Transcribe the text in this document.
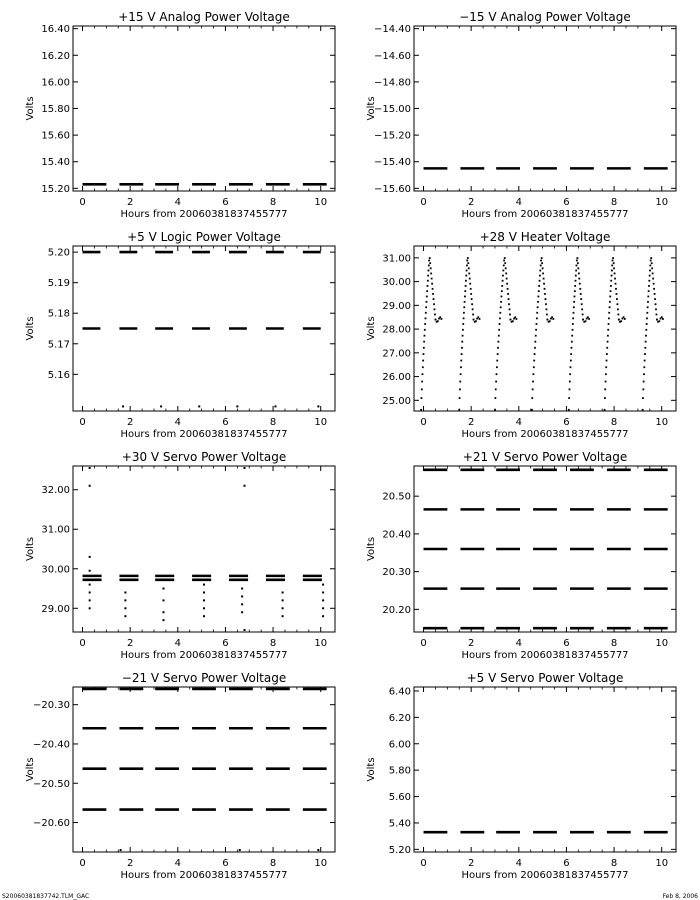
+15 V Analog Power Voltage
Hours from 20060381837455777
Volts
0	2	4	6	8	10
15.20
15.40
15.60
15.80
16.00
16.20
16.40
−15 V Analog Power Voltage
Hours from 20060381837455777
Volts
0	2	4	6	8	10
−14.40
−14.60
−14.80
−15.00
−15.20
−15.40
−15.60
+5 V Logic Power Voltage
Hours from 20060381837455777
Volts
0	2	4	6	8	10
5.16
5.17
5.18
5.19
5.20
+28 V Heater Voltage
Hours from 20060381837455777
Volts
0	2	4	6	8	10
25.00
26.00
27.00
28.00
29.00
30.00
31.00
+30 V Servo Power Voltage
Hours from 20060381837455777
Volts
0	2	4	6	8	10
29.00
30.00
31.00
32.00
+21 V Servo Power Voltage
Hours from 20060381837455777
Volts
0	2	4	6	8	10
20.20
20.30
20.40
20.50
−21 V Servo Power Voltage
Hours from 20060381837455777
Volts
0	2	4	6	8	10
−20.30
−20.40
−20.50
−20.60
+5 V Servo Power Voltage
Hours from 20060381837455777
Volts
0	2	4	6	8	10
5.20
5.40
5.60
5.80
6.00
6.20
6.40
S20060381837742.TLM_GAC	Feb 8, 2006
